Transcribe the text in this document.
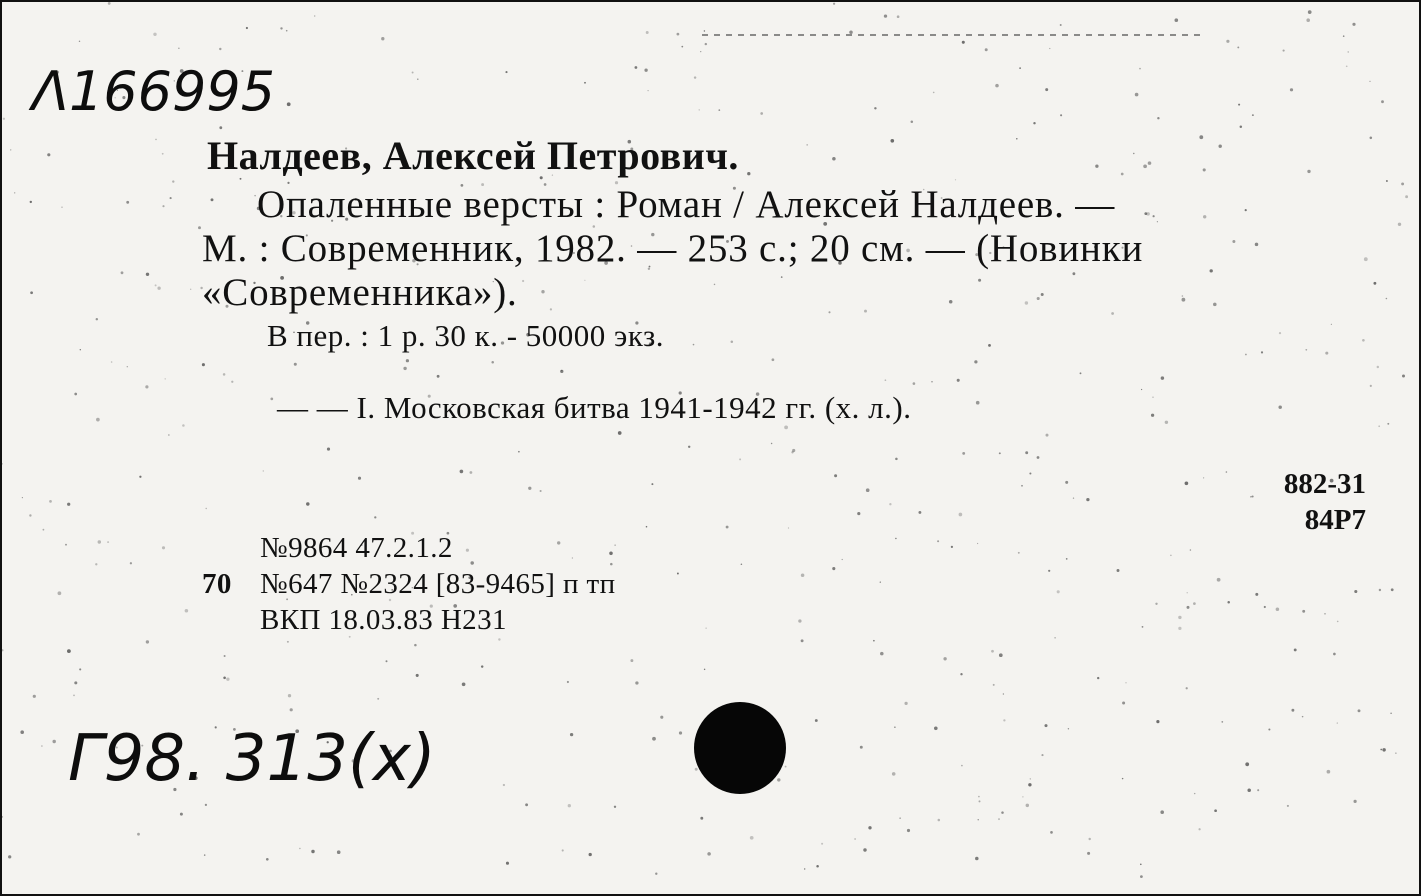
Λ166995
Налдеев, Алексей Петрович.
Опаленные версты : Роман / Алексей Налдеев. —
М. : Современник, 1982. — 253 с.; 20 см. — (Новинки
«Современника»).
В пер. : 1 р. 30 к. - 50000 экз.
— — I. Московская битва 1941-1942 гг. (х. л.).
882-31
84Р7
№9864 47.2.1.2
70 №647 №2324 [83-9465] п тп
ВКП 18.03.83 Н231
Г98. 313(х)
